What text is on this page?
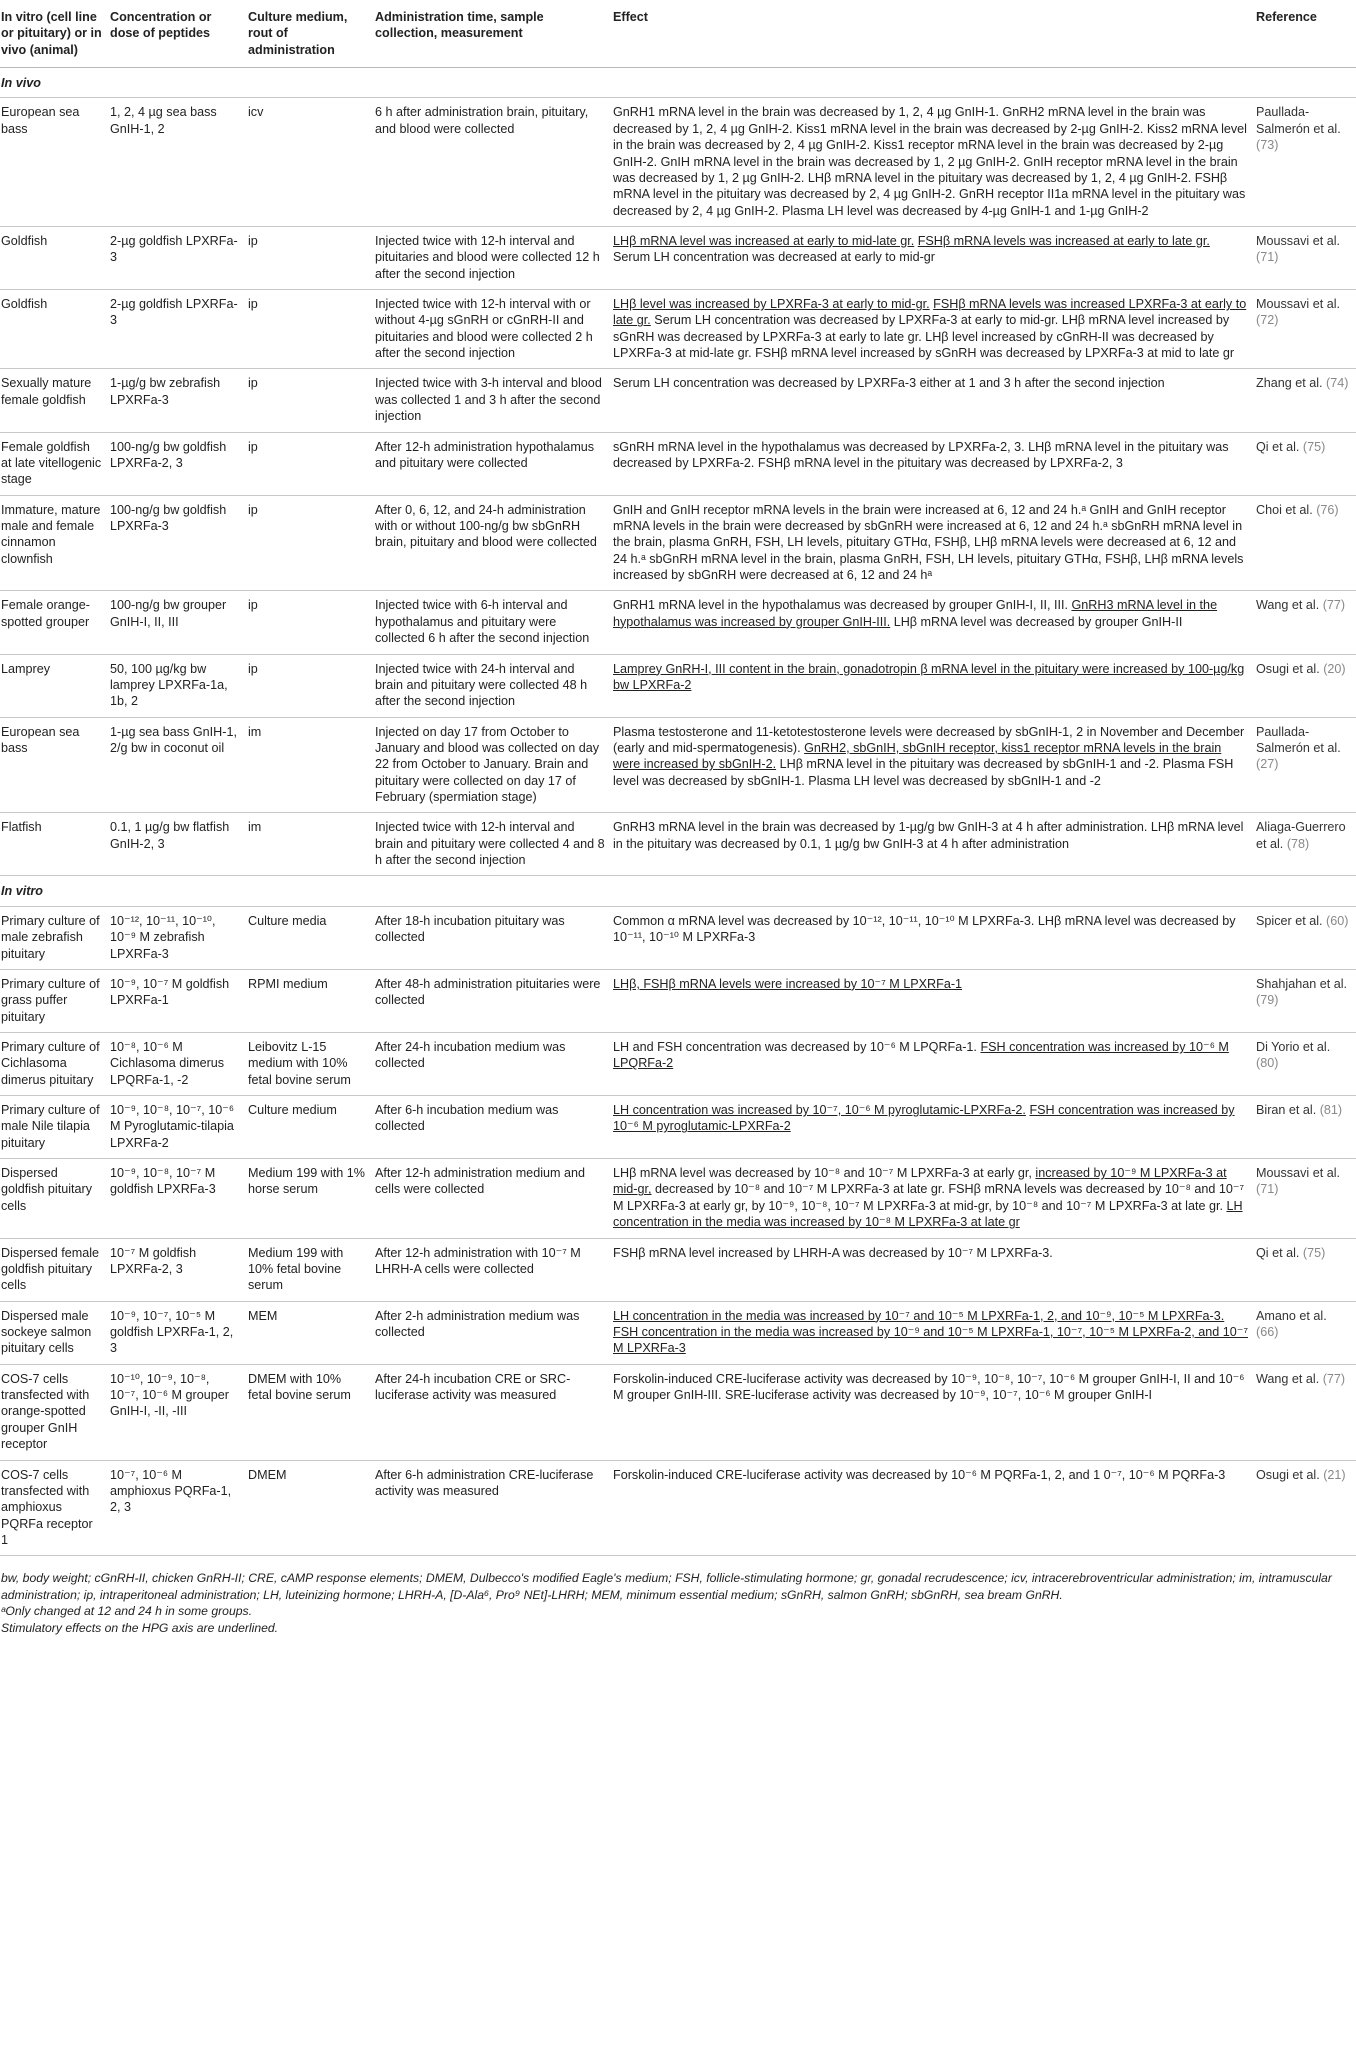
In vitro (cell line or pituitary) or in vivo (animal)	Concentration or dose of peptides	Culture medium, rout of administration	Administration time, sample collection, measurement	Effect	Reference
In vivo					
European sea bass	1, 2, 4 µg sea bass GnIH-1, 2	icv	6 h after administration brain, pituitary, and blood were collected	GnRH1 mRNA level in the brain was decreased by 1, 2, 4 µg GnIH-1. GnRH2 mRNA level in the brain was decreased by 1, 2, 4 µg GnIH-2. Kiss1 mRNA level in the brain was decreased by 2-µg GnIH-2. Kiss2 mRNA level in the brain was decreased by 2, 4 µg GnIH-2. Kiss1 receptor mRNA level in the brain was decreased by 2-µg GnIH-2. GnIH mRNA level in the brain was decreased by 1, 2 µg GnIH-2. GnIH receptor mRNA level in the brain was decreased by 1, 2 µg GnIH-2. LHβ mRNA level in the pituitary was decreased by 1, 2, 4 µg GnIH-2. FSHβ mRNA level in the pituitary was decreased by 2, 4 µg GnIH-2. GnRH receptor II1a mRNA level in the pituitary was decreased by 2, 4 µg GnIH-2. Plasma LH level was decreased by 4-µg GnIH-1 and 1-µg GnIH-2	Paullada-Salmerón et al. (73)
Goldfish	2-µg goldfish LPXRFa-3	ip	Injected twice with 12-h interval and pituitaries and blood were collected 12 h after the second injection	LHβ mRNA level was increased at early to mid-late gr. FSHβ mRNA levels was increased at early to late gr. Serum LH concentration was decreased at early to mid-gr	Moussavi et al. (71)
Goldfish	2-µg goldfish LPXRFa-3	ip	Injected twice with 12-h interval with or without 4-µg sGnRH or cGnRH-II and pituitaries and blood were collected 2 h after the second injection	LHβ level was increased by LPXRFa-3 at early to mid-gr. FSHβ mRNA levels was increased LPXRFa-3 at early to late gr. Serum LH concentration was decreased by LPXRFa-3 at early to mid-gr. LHβ mRNA level increased by sGnRH was decreased by LPXRFa-3 at early to late gr. LHβ level increased by cGnRH-II was decreased by LPXRFa-3 at mid-late gr. FSHβ mRNA level increased by sGnRH was decreased by LPXRFa-3 at mid to late gr	Moussavi et al. (72)
Sexually mature female goldfish	1-µg/g bw zebrafish LPXRFa-3	ip	Injected twice with 3-h interval and blood was collected 1 and 3 h after the second injection	Serum LH concentration was decreased by LPXRFa-3 either at 1 and 3 h after the second injection	Zhang et al. (74)
Female goldfish at late vitellogenic stage	100-ng/g bw goldfish LPXRFa-2, 3	ip	After 12-h administration hypothalamus and pituitary were collected	sGnRH mRNA level in the hypothalamus was decreased by LPXRFa-2, 3. LHβ mRNA level in the pituitary was decreased by LPXRFa-2. FSHβ mRNA level in the pituitary was decreased by LPXRFa-2, 3	Qi et al. (75)
Immature, mature male and female cinnamon clownfish	100-ng/g bw goldfish LPXRFa-3	ip	After 0, 6, 12, and 24-h administration with or without 100-ng/g bw sbGnRH brain, pituitary and blood were collected	GnIH and GnIH receptor mRNA levels in the brain were increased at 6, 12 and 24 h.ᵃ GnIH and GnIH receptor mRNA levels in the brain were decreased by sbGnRH were increased at 6, 12 and 24 h.ᵃ sbGnRH mRNA level in the brain, plasma GnRH, FSH, LH levels, pituitary GTHα, FSHβ, LHβ mRNA levels were decreased at 6, 12 and 24 h.ᵃ sbGnRH mRNA level in the brain, plasma GnRH, FSH, LH levels, pituitary GTHα, FSHβ, LHβ mRNA levels increased by sbGnRH were decreased at 6, 12 and 24 hᵃ	Choi et al. (76)
Female orange-spotted grouper	100-ng/g bw grouper GnIH-I, II, III	ip	Injected twice with 6-h interval and hypothalamus and pituitary were collected 6 h after the second injection	GnRH1 mRNA level in the hypothalamus was decreased by grouper GnIH-I, II, III. GnRH3 mRNA level in the hypothalamus was increased by grouper GnIH-III. LHβ mRNA level was decreased by grouper GnIH-II	Wang et al. (77)
Lamprey	50, 100 µg/kg bw lamprey LPXRFa-1a, 1b, 2	ip	Injected twice with 24-h interval and brain and pituitary were collected 48 h after the second injection	Lamprey GnRH-I, III content in the brain, gonadotropin β mRNA level in the pituitary were increased by 100-µg/kg bw LPXRFa-2	Osugi et al. (20)
European sea bass	1-µg sea bass GnIH-1, 2/g bw in coconut oil	im	Injected on day 17 from October to January and blood was collected on day 22 from October to January. Brain and pituitary were collected on day 17 of February (spermiation stage)	Plasma testosterone and 11-ketotestosterone levels were decreased by sbGnIH-1, 2 in November and December (early and mid-spermatogenesis). GnRH2, sbGnIH, sbGnIH receptor, kiss1 receptor mRNA levels in the brain were increased by sbGnIH-2. LHβ mRNA level in the pituitary was decreased by sbGnIH-1 and -2. Plasma FSH level was decreased by sbGnIH-1. Plasma LH level was decreased by sbGnIH-1 and -2	Paullada-Salmerón et al. (27)
Flatfish	0.1, 1 µg/g bw flatfish GnIH-2, 3	im	Injected twice with 12-h interval and brain and pituitary were collected 4 and 8 h after the second injection	GnRH3 mRNA level in the brain was decreased by 1-µg/g bw GnIH-3 at 4 h after administration. LHβ mRNA level in the pituitary was decreased by 0.1, 1 µg/g bw GnIH-3 at 4 h after administration	Aliaga-Guerrero et al. (78)
In vitro					
Primary culture of male zebrafish pituitary	10⁻¹², 10⁻¹¹, 10⁻¹⁰, 10⁻⁹ M zebrafish LPXRFa-3	Culture media	After 18-h incubation pituitary was collected	Common α mRNA level was decreased by 10⁻¹², 10⁻¹¹, 10⁻¹⁰ M LPXRFa-3. LHβ mRNA level was decreased by 10⁻¹¹, 10⁻¹⁰ M LPXRFa-3	Spicer et al. (60)
Primary culture of grass puffer pituitary	10⁻⁹, 10⁻⁷ M goldfish LPXRFa-1	RPMI medium	After 48-h administration pituitaries were collected	LHβ, FSHβ mRNA levels were increased by 10⁻⁷ M LPXRFa-1	Shahjahan et al. (79)
Primary culture of Cichlasoma dimerus pituitary	10⁻⁸, 10⁻⁶ M Cichlasoma dimerus LPQRFa-1, -2	Leibovitz L-15 medium with 10% fetal bovine serum	After 24-h incubation medium was collected	LH and FSH concentration was decreased by 10⁻⁶ M LPQRFa-1. FSH concentration was increased by 10⁻⁶ M LPQRFa-2	Di Yorio et al. (80)
Primary culture of male Nile tilapia pituitary	10⁻⁹, 10⁻⁸, 10⁻⁷, 10⁻⁶ M Pyroglutamic-tilapia LPXRFa-2	Culture medium	After 6-h incubation medium was collected	LH concentration was increased by 10⁻⁷, 10⁻⁶ M pyroglutamic-LPXRFa-2. FSH concentration was increased by 10⁻⁶ M pyroglutamic-LPXRFa-2	Biran et al. (81)
Dispersed goldfish pituitary cells	10⁻⁹, 10⁻⁸, 10⁻⁷ M goldfish LPXRFa-3	Medium 199 with 1% horse serum	After 12-h administration medium and cells were collected	LHβ mRNA level was decreased by 10⁻⁸ and 10⁻⁷ M LPXRFa-3 at early gr, increased by 10⁻⁹ M LPXRFa-3 at mid-gr, decreased by 10⁻⁸ and 10⁻⁷ M LPXRFa-3 at late gr. FSHβ mRNA levels was decreased by 10⁻⁸ and 10⁻⁷ M LPXRFa-3 at early gr, by 10⁻⁹, 10⁻⁸, 10⁻⁷ M LPXRFa-3 at mid-gr, by 10⁻⁸ and 10⁻⁷ M LPXRFa-3 at late gr. LH concentration in the media was increased by 10⁻⁸ M LPXRFa-3 at late gr	Moussavi et al. (71)
Dispersed female goldfish pituitary cells	10⁻⁷ M goldfish LPXRFa-2, 3	Medium 199 with 10% fetal bovine serum	After 12-h administration with 10⁻⁷ M LHRH-A cells were collected	FSHβ mRNA level increased by LHRH-A was decreased by 10⁻⁷ M LPXRFa-3.	Qi et al. (75)
Dispersed male sockeye salmon pituitary cells	10⁻⁹, 10⁻⁷, 10⁻⁵ M goldfish LPXRFa-1, 2, 3	MEM	After 2-h administration medium was collected	LH concentration in the media was increased by 10⁻⁷ and 10⁻⁵ M LPXRFa-1, 2, and 10⁻⁹, 10⁻⁵ M LPXRFa-3. FSH concentration in the media was increased by 10⁻⁹ and 10⁻⁵ M LPXRFa-1, 10⁻⁷, 10⁻⁵ M LPXRFa-2, and 10⁻⁷ M LPXRFa-3	Amano et al. (66)
COS-7 cells transfected with orange-spotted grouper GnIH receptor	10⁻¹⁰, 10⁻⁹, 10⁻⁸, 10⁻⁷, 10⁻⁶ M grouper GnIH-I, -II, -III	DMEM with 10% fetal bovine serum	After 24-h incubation CRE or SRC-luciferase activity was measured	Forskolin-induced CRE-luciferase activity was decreased by 10⁻⁹, 10⁻⁸, 10⁻⁷, 10⁻⁶ M grouper GnIH-I, II and 10⁻⁶ M grouper GnIH-III. SRE-luciferase activity was decreased by 10⁻⁹, 10⁻⁷, 10⁻⁶ M grouper GnIH-I	Wang et al. (77)
COS-7 cells transfected with amphioxus PQRFa receptor 1	10⁻⁷, 10⁻⁶ M amphioxus PQRFa-1, 2, 3	DMEM	After 6-h administration CRE-luciferase activity was measured	Forskolin-induced CRE-luciferase activity was decreased by 10⁻⁶ M PQRFa-1, 2, and 1 0⁻⁷, 10⁻⁶ M PQRFa-3	Osugi et al. (21)

bw, body weight; cGnRH-II, chicken GnRH-II; CRE, cAMP response elements; DMEM, Dulbecco's modified Eagle's medium; FSH, follicle-stimulating hormone; gr, gonadal recrudescence; icv, intracerebroventricular administration; im, intramuscular administration; ip, intraperitoneal administration; LH, luteinizing hormone; LHRH-A, [D-Ala⁶, Pro⁹ NEt]-LHRH; MEM, minimum essential medium; sGnRH, salmon GnRH; sbGnRH, sea bream GnRH.

ᵃOnly changed at 12 and 24 h in some groups.

Stimulatory effects on the HPG axis are underlined.
